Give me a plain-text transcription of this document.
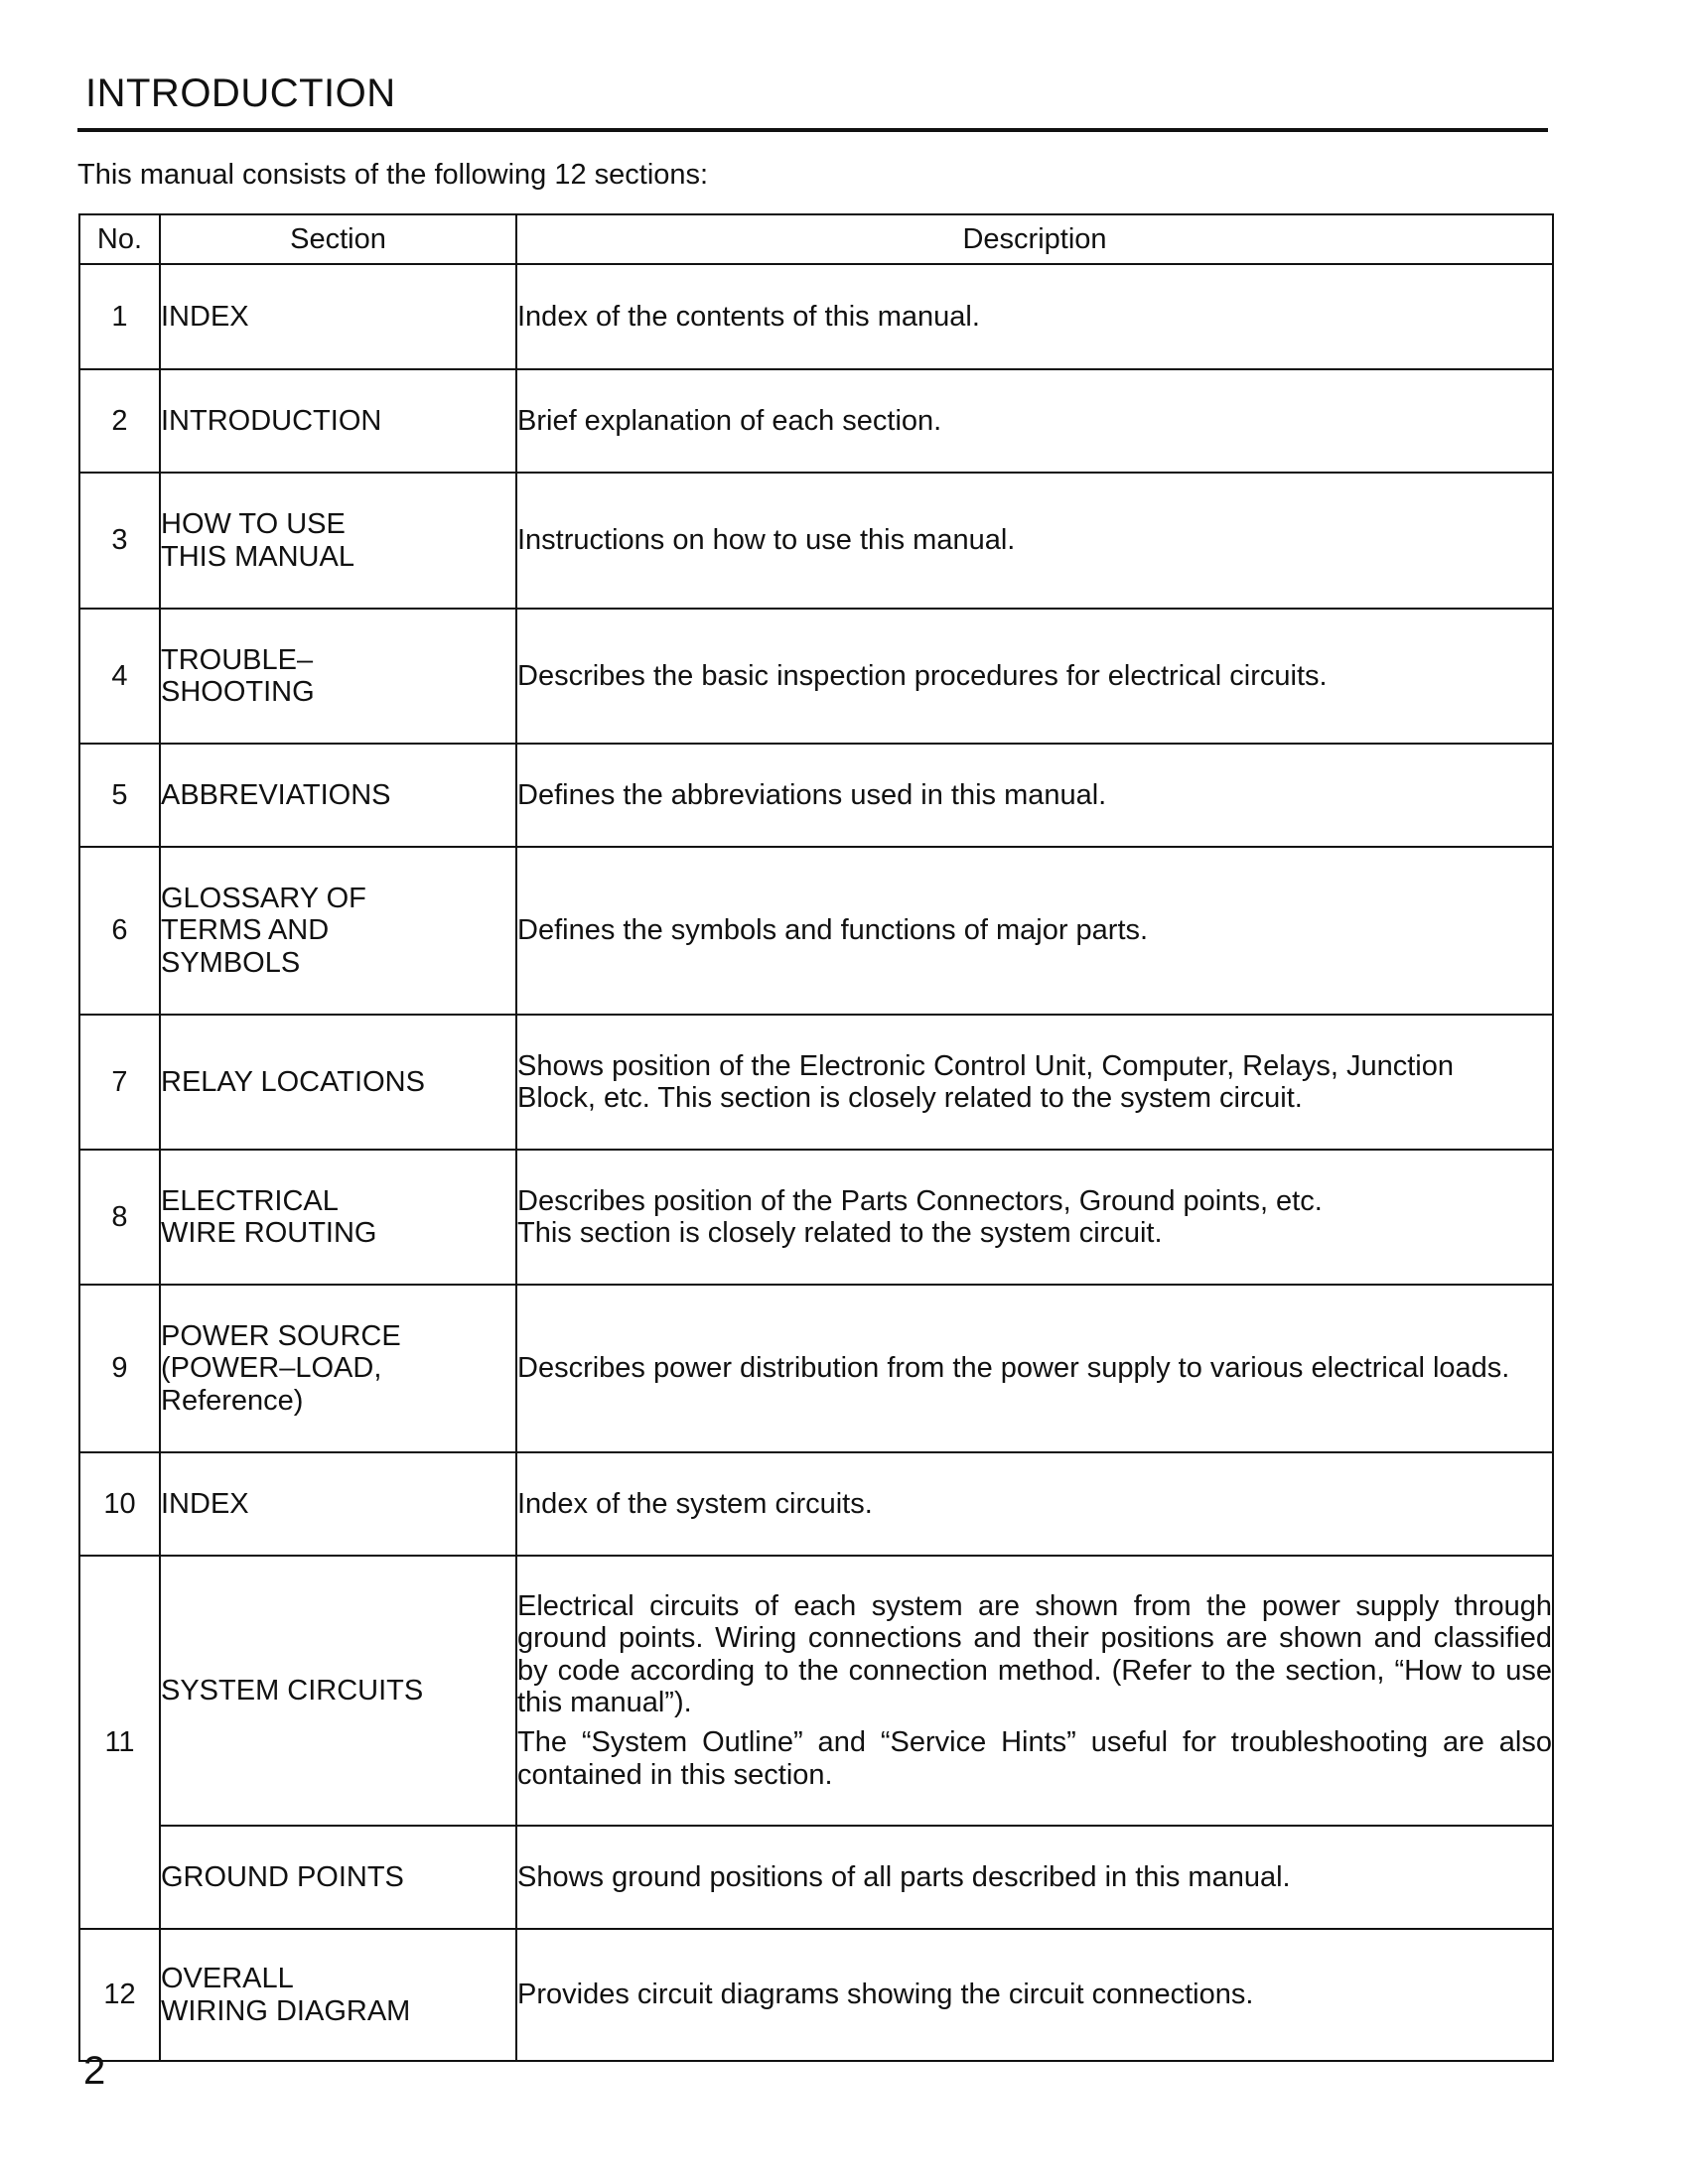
INTRODUCTION
This manual consists of the following 12 sections:
No.	Section	Description
1	INDEX	Index of the contents of this manual.

2	INTRODUCTION	Brief explanation of each section.

3	HOW TO USE
THIS MANUAL	Instructions on how to use this manual.

4	TROUBLE–
SHOOTING	Describes the basic inspection procedures for electrical circuits.

5	ABBREVIATIONS	Defines the abbreviations used in this manual.

6	GLOSSARY OF
TERMS AND
SYMBOLS	Defines the symbols and functions of major parts.

7	RELAY LOCATIONS	Shows position of the Electronic Control Unit, Computer, Relays, Junction
Block, etc. This section is closely related to the system circuit.

8	ELECTRICAL
WIRE ROUTING	Describes position of the Parts Connectors, Ground points, etc.
This section is closely related to the system circuit.

9	POWER SOURCE
(POWER–LOAD,
Reference)	Describes power distribution from the power supply to various electrical loads.

10	INDEX	Index of the system circuits.

11	SYSTEM CIRCUITS	Electrical circuits of each system are shown from the power supply through ground points. Wiring connections and their positions are shown and classified by code according to the connection method. (Refer to the section, “How to use this manual”).
The “System Outline” and “Service Hints” useful for troubleshooting are also contained in this section.

	GROUND POINTS	Shows ground positions of all parts described in this manual.

12	OVERALL
WIRING DIAGRAM	Provides circuit diagrams showing the circuit connections.
2
